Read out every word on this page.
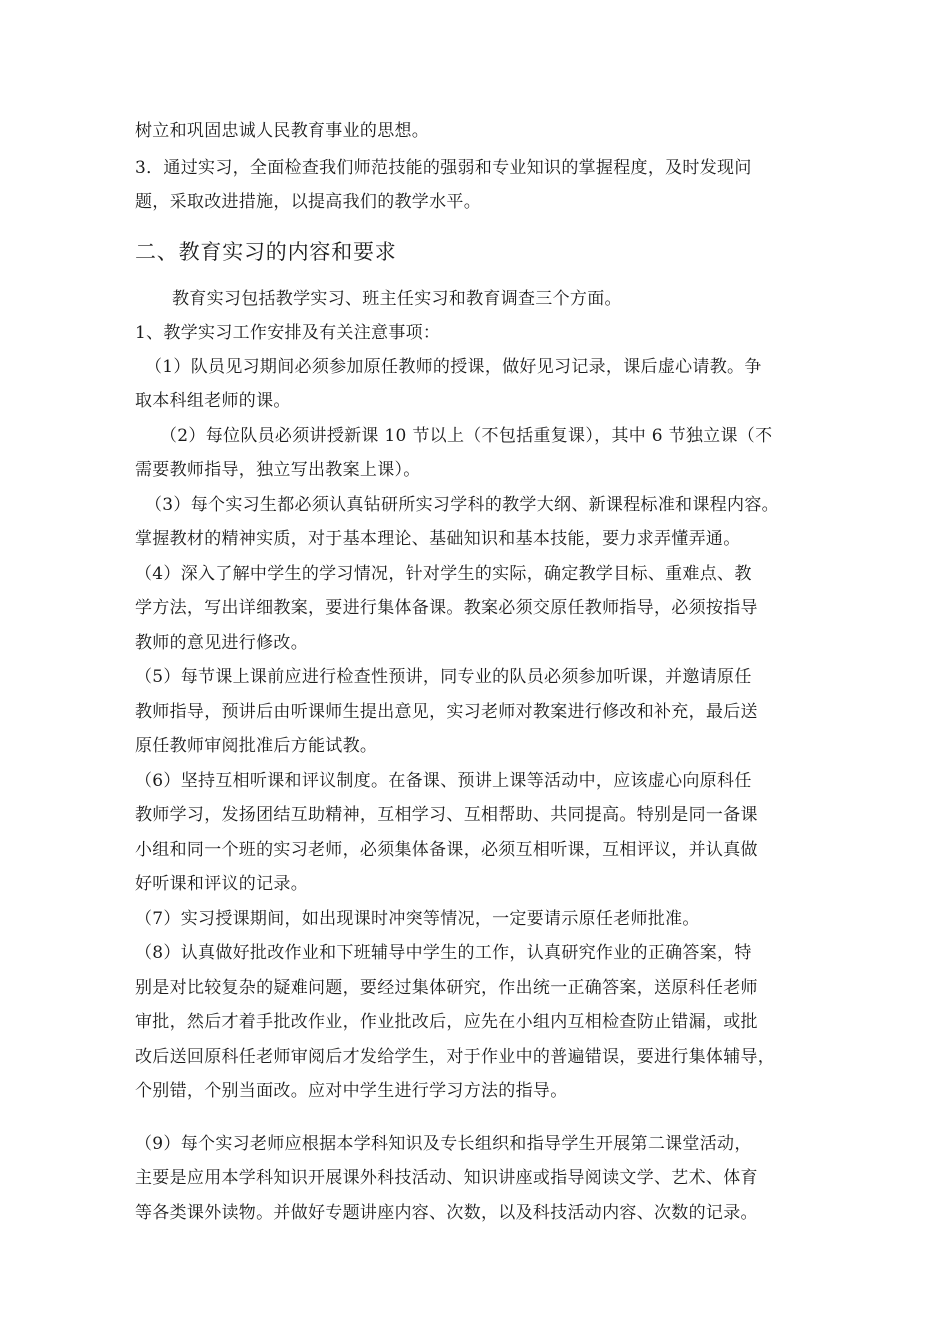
树立和巩固忠诚人民教育事业的思想。
3．通过实习，全面检查我们师范技能的强弱和专业知识的掌握程度，及时发现问
题，采取改进措施，以提高我们的教学水平。
二、教育实习的内容和要求
教育实习包括教学实习、班主任实习和教育调查三个方面。
1、教学实习工作安排及有关注意事项：
（1）队员见习期间必须参加原任教师的授课，做好见习记录，课后虚心请教。争
取本科组老师的课。
（2）每位队员必须讲授新课 10 节以上（不包括重复课），其中 6 节独立课（不
需要教师指导，独立写出教案上课）。
（3）每个实习生都必须认真钻研所实习学科的教学大纲、新课程标准和课程内容。
掌握教材的精神实质，对于基本理论、基础知识和基本技能，要力求弄懂弄通。
（4）深入了解中学生的学习情况，针对学生的实际，确定教学目标、重难点、教
学方法，写出详细教案，要进行集体备课。教案必须交原任教师指导，必须按指导
教师的意见进行修改。
（5）每节课上课前应进行检查性预讲，同专业的队员必须参加听课，并邀请原任
教师指导，预讲后由听课师生提出意见，实习老师对教案进行修改和补充，最后送
原任教师审阅批准后方能试教。
（6）坚持互相听课和评议制度。在备课、预讲上课等活动中，应该虚心向原科任
教师学习，发扬团结互助精神，互相学习、互相帮助、共同提高。特别是同一备课
小组和同一个班的实习老师，必须集体备课，必须互相听课，互相评议，并认真做
好听课和评议的记录。
（7）实习授课期间，如出现课时冲突等情况，一定要请示原任老师批准。
（8）认真做好批改作业和下班辅导中学生的工作，认真研究作业的正确答案，特
别是对比较复杂的疑难问题，要经过集体研究，作出统一正确答案，送原科任老师
审批，然后才着手批改作业，作业批改后，应先在小组内互相检查防止错漏，或批
改后送回原科任老师审阅后才发给学生，对于作业中的普遍错误，要进行集体辅导，
个别错，个别当面改。应对中学生进行学习方法的指导。
（9）每个实习老师应根据本学科知识及专长组织和指导学生开展第二课堂活动，
主要是应用本学科知识开展课外科技活动、知识讲座或指导阅读文学、艺术、体育
等各类课外读物。并做好专题讲座内容、次数，以及科技活动内容、次数的记录。
